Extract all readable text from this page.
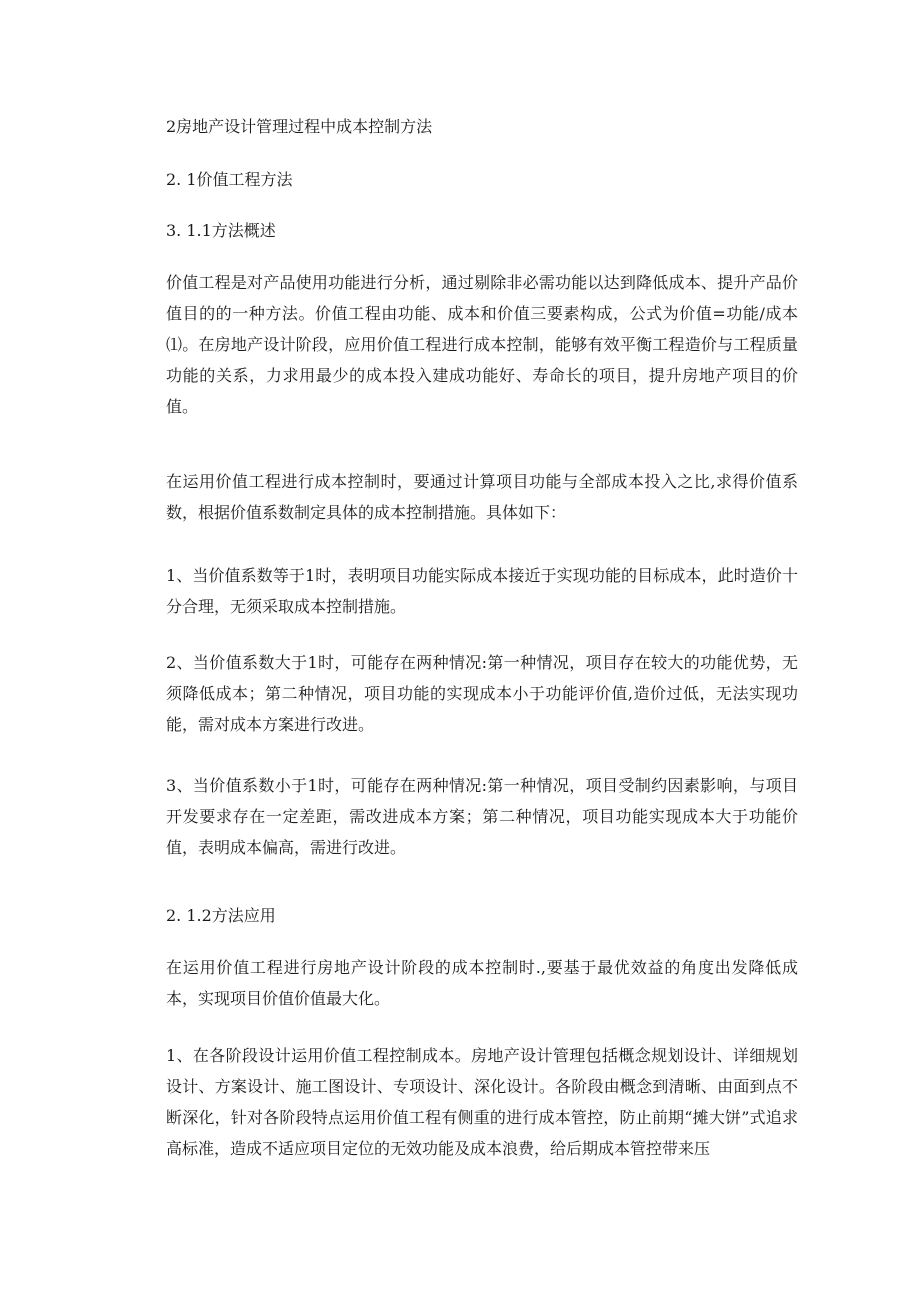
2房地产设计管理过程中成本控制方法

2. 1价值工程方法

3. 1.1方法概述

价值工程是对产品使用功能进行分析，通过剔除非必需功能以达到降低成本、提升产品价值目的的一种方法。价值工程由功能、成本和价值三要素构成，公式为价值=功能/成本⑴。在房地产设计阶段，应用价值工程进行成本控制，能够有效平衡工程造价与工程质量功能的关系，力求用最少的成本投入建成功能好、寿命长的项目，提升房地产项目的价值。

在运用价值工程进行成本控制时，要通过计算项目功能与全部成本投入之比,求得价值系数，根据价值系数制定具体的成本控制措施。具体如下：

1、当价值系数等于1时，表明项目功能实际成本接近于实现功能的目标成本，此时造价十分合理，无须采取成本控制措施。

2、当价值系数大于1时，可能存在两种情况:第一种情况，项目存在较大的功能优势，无须降低成本；第二种情况，项目功能的实现成本小于功能评价值,造价过低，无法实现功能，需对成本方案进行改进。

3、当价值系数小于1时，可能存在两种情况:第一种情况，项目受制约因素影响，与项目开发要求存在一定差距，需改进成本方案；第二种情况，项目功能实现成本大于功能价值，表明成本偏高，需进行改进。

2. 1.2方法应用

在运用价值工程进行房地产设计阶段的成本控制时.,要基于最优效益的角度出发降低成本，实现项目价值价值最大化。

1、在各阶段设计运用价值工程控制成本。房地产设计管理包括概念规划设计、详细规划设计、方案设计、施工图设计、专项设计、深化设计。各阶段由概念到清晰、由面到点不断深化，针对各阶段特点运用价值工程有侧重的进行成本管控，防止前期“摊大饼”式追求高标准，造成不适应项目定位的无效功能及成本浪费，给后期成本管控带来压
